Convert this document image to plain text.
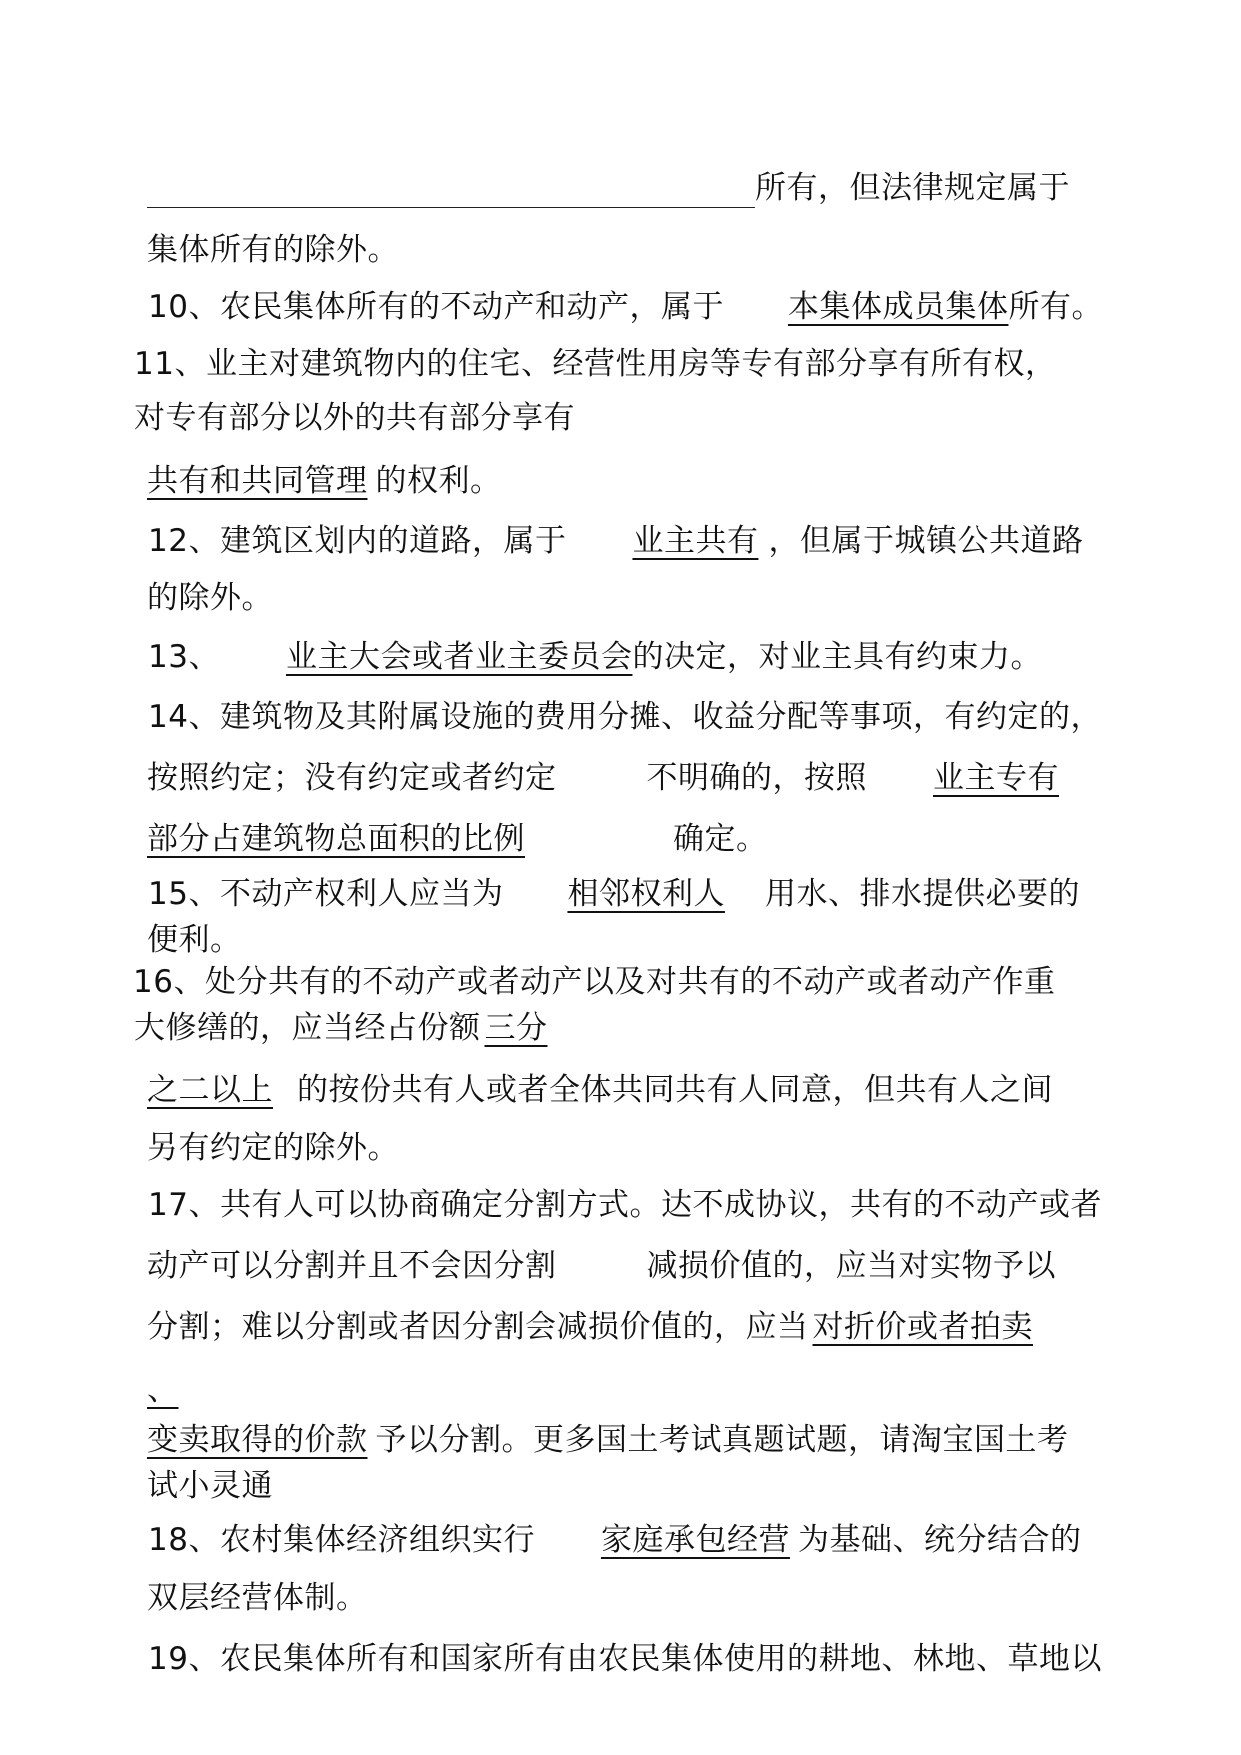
所有，但法律规定属于
集体所有的除外。
10、农民集体所有的不动产和动产，属于 本集体成员集体所有。
11、业主对建筑物内的住宅、经营性用房等专有部分享有所有权，
对专有部分以外的共有部分享有
共有和共同管理 的权利。
12、建筑区划内的道路，属于 业主共有 ，但属于城镇公共道路
的除外。
13、 业主大会或者业主委员会的决定，对业主具有约束力。
14、建筑物及其附属设施的费用分摊、收益分配等事项，有约定的，
按照约定；没有约定或者约定	不明确的，按照 业主专有
部分占建筑物总面积的比例	确定。
15、不动产权利人应当为 相邻权利人 用水、排水提供必要的
便利。
16、处分共有的不动产或者动产以及对共有的不动产或者动产作重
大修缮的，应当经占份额 三分
之二以上 的按份共有人或者全体共同共有人同意，但共有人之间
另有约定的除外。
17、共有人可以协商确定分割方式。达不成协议，共有的不动产或者
动产可以分割并且不会因分割	减损价值的，应当对实物予以
分割；难以分割或者因分割会减损价值的，应当 对折价或者拍卖
、
变卖取得的价款 予以分割。更多国土考试真题试题，请淘宝国土考
试小灵通
18、农村集体经济组织实行 家庭承包经营 为基础、统分结合的
双层经营体制。
19、农民集体所有和国家所有由农民集体使用的耕地、林地、草地以
